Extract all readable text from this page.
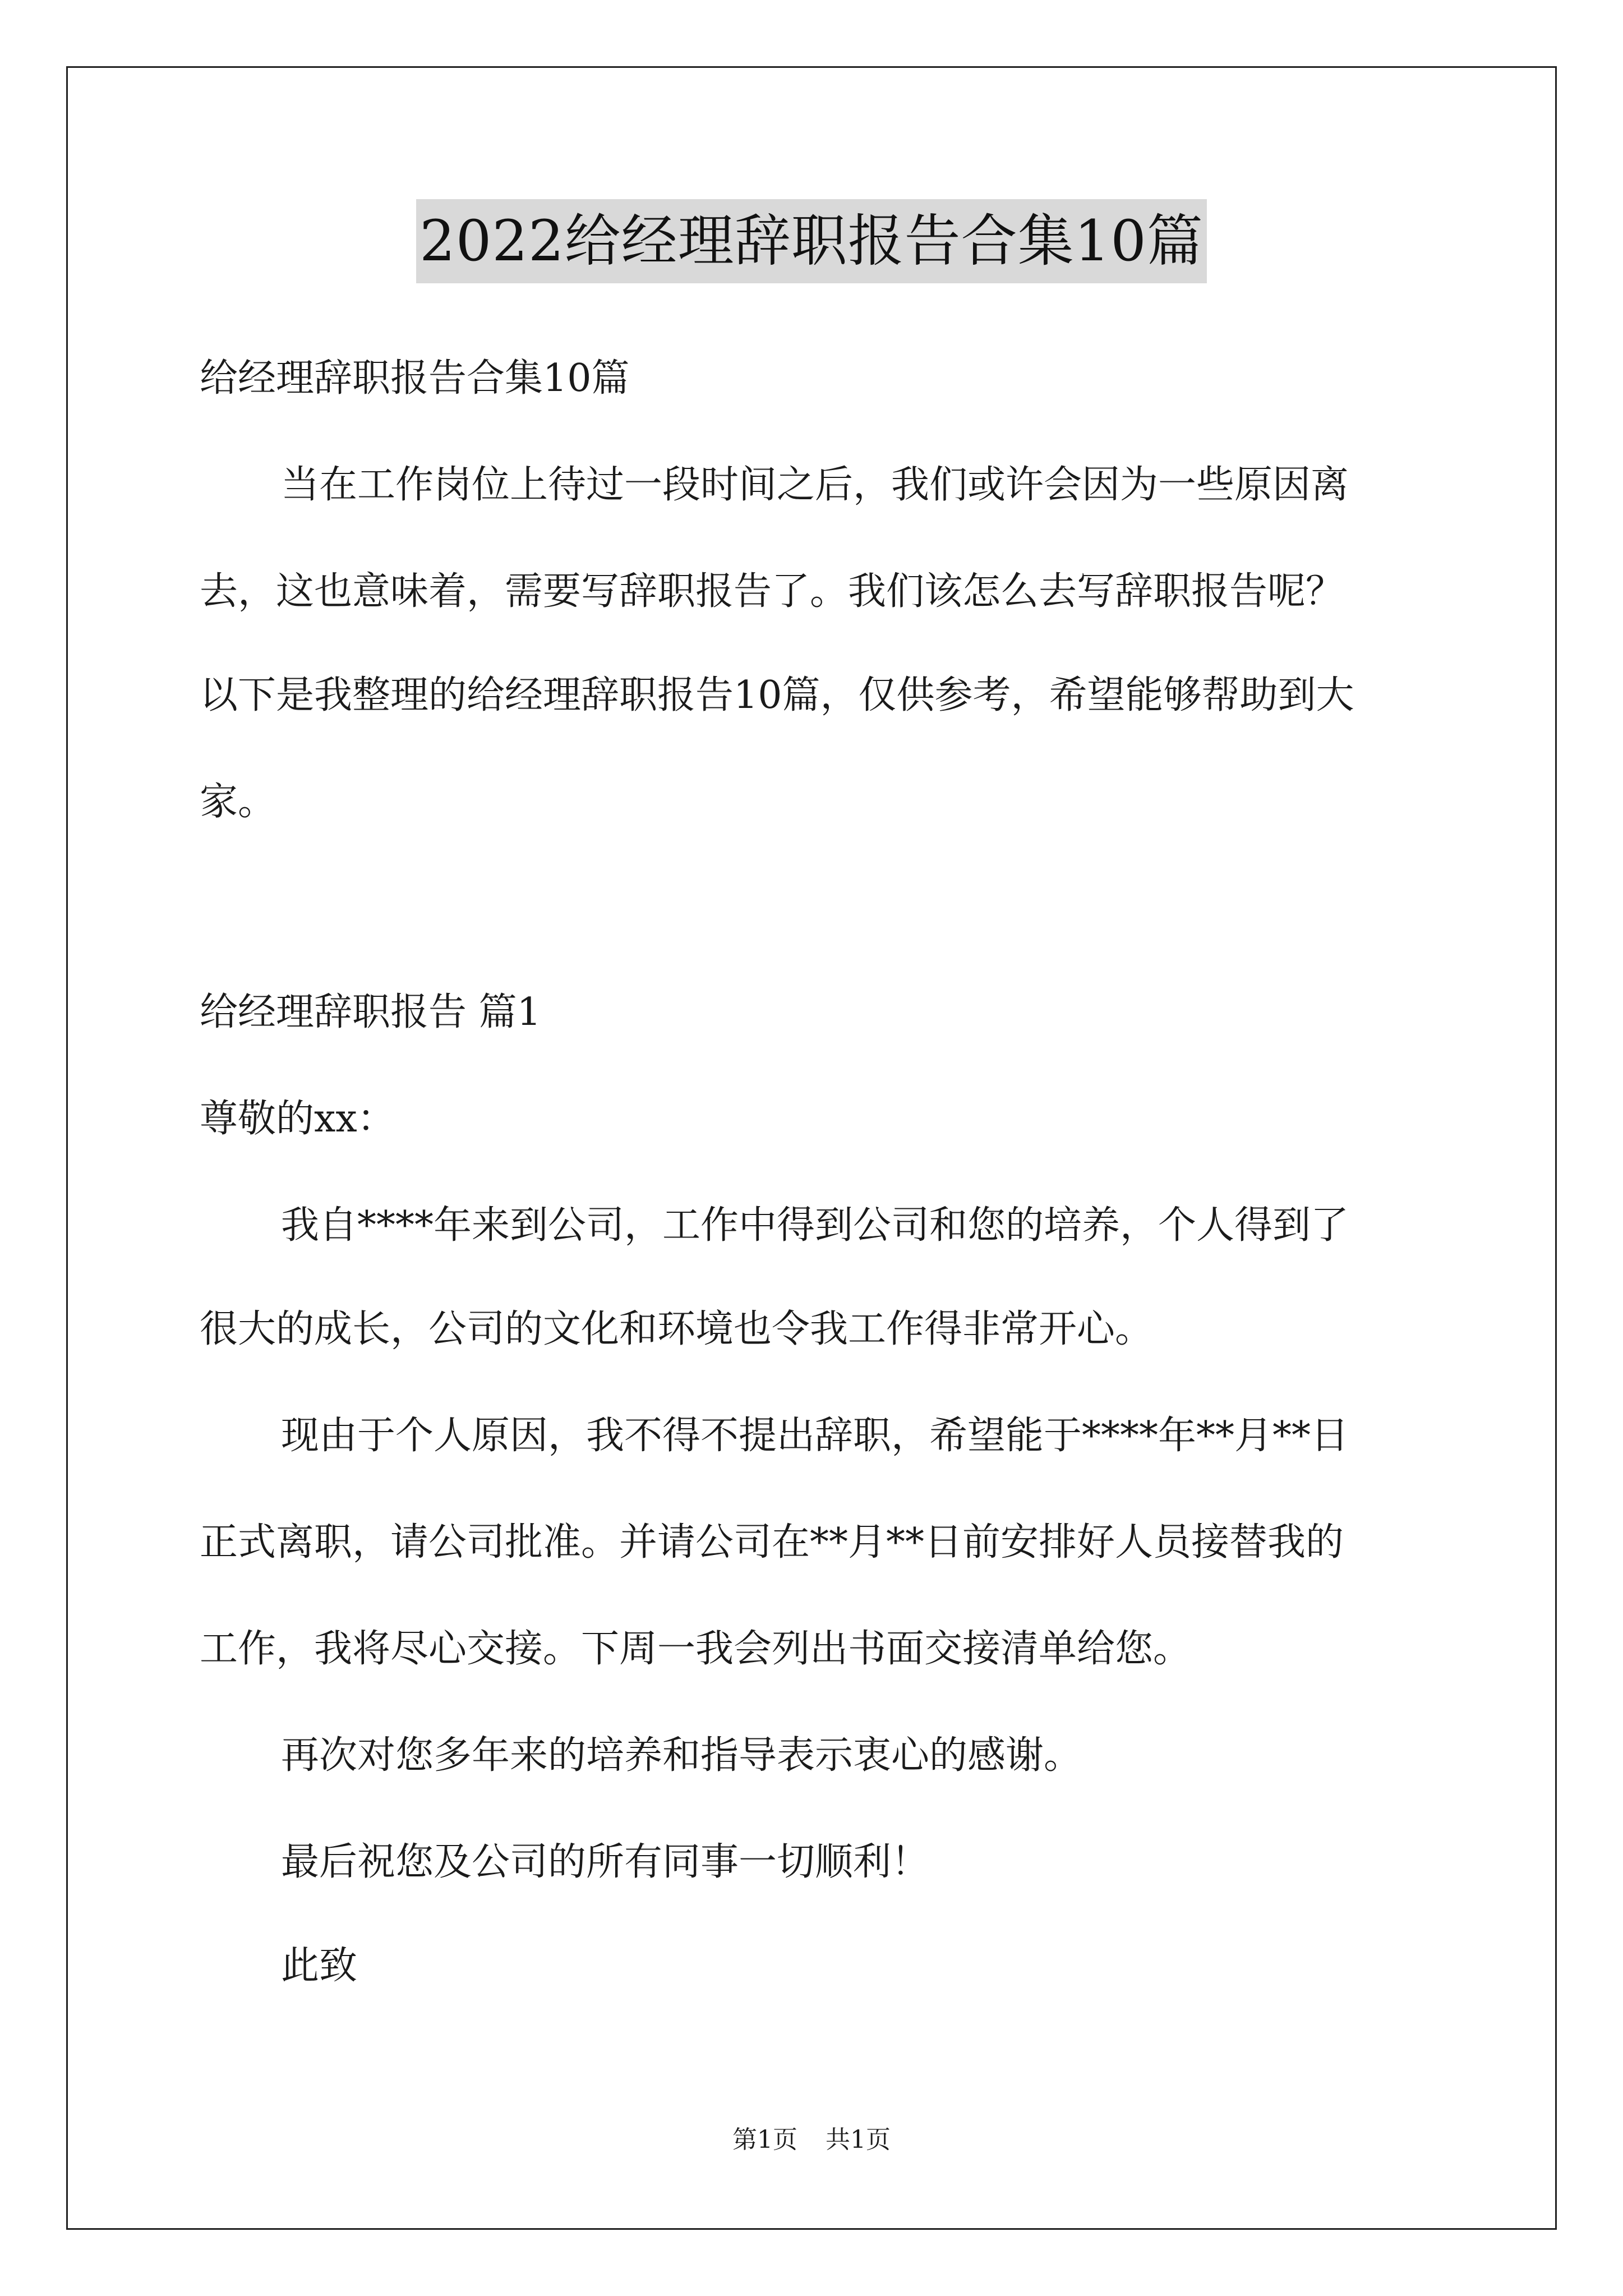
2022给经理辞职报告合集10篇
给经理辞职报告合集10篇
当在工作岗位上待过一段时间之后，我们或许会因为一些原因离
去，这也意味着，需要写辞职报告了。我们该怎么去写辞职报告呢？
以下是我整理的给经理辞职报告10篇，仅供参考，希望能够帮助到大
家。
给经理辞职报告 篇1
尊敬的xx：
我自****年来到公司，工作中得到公司和您的培养，个人得到了
很大的成长，公司的文化和环境也令我工作得非常开心。
现由于个人原因，我不得不提出辞职，希望能于****年**月**日
正式离职，请公司批准。并请公司在**月**日前安排好人员接替我的
工作，我将尽心交接。下周一我会列出书面交接清单给您。
再次对您多年来的培养和指导表示衷心的感谢。
最后祝您及公司的所有同事一切顺利！
此致
第1页 共1页
